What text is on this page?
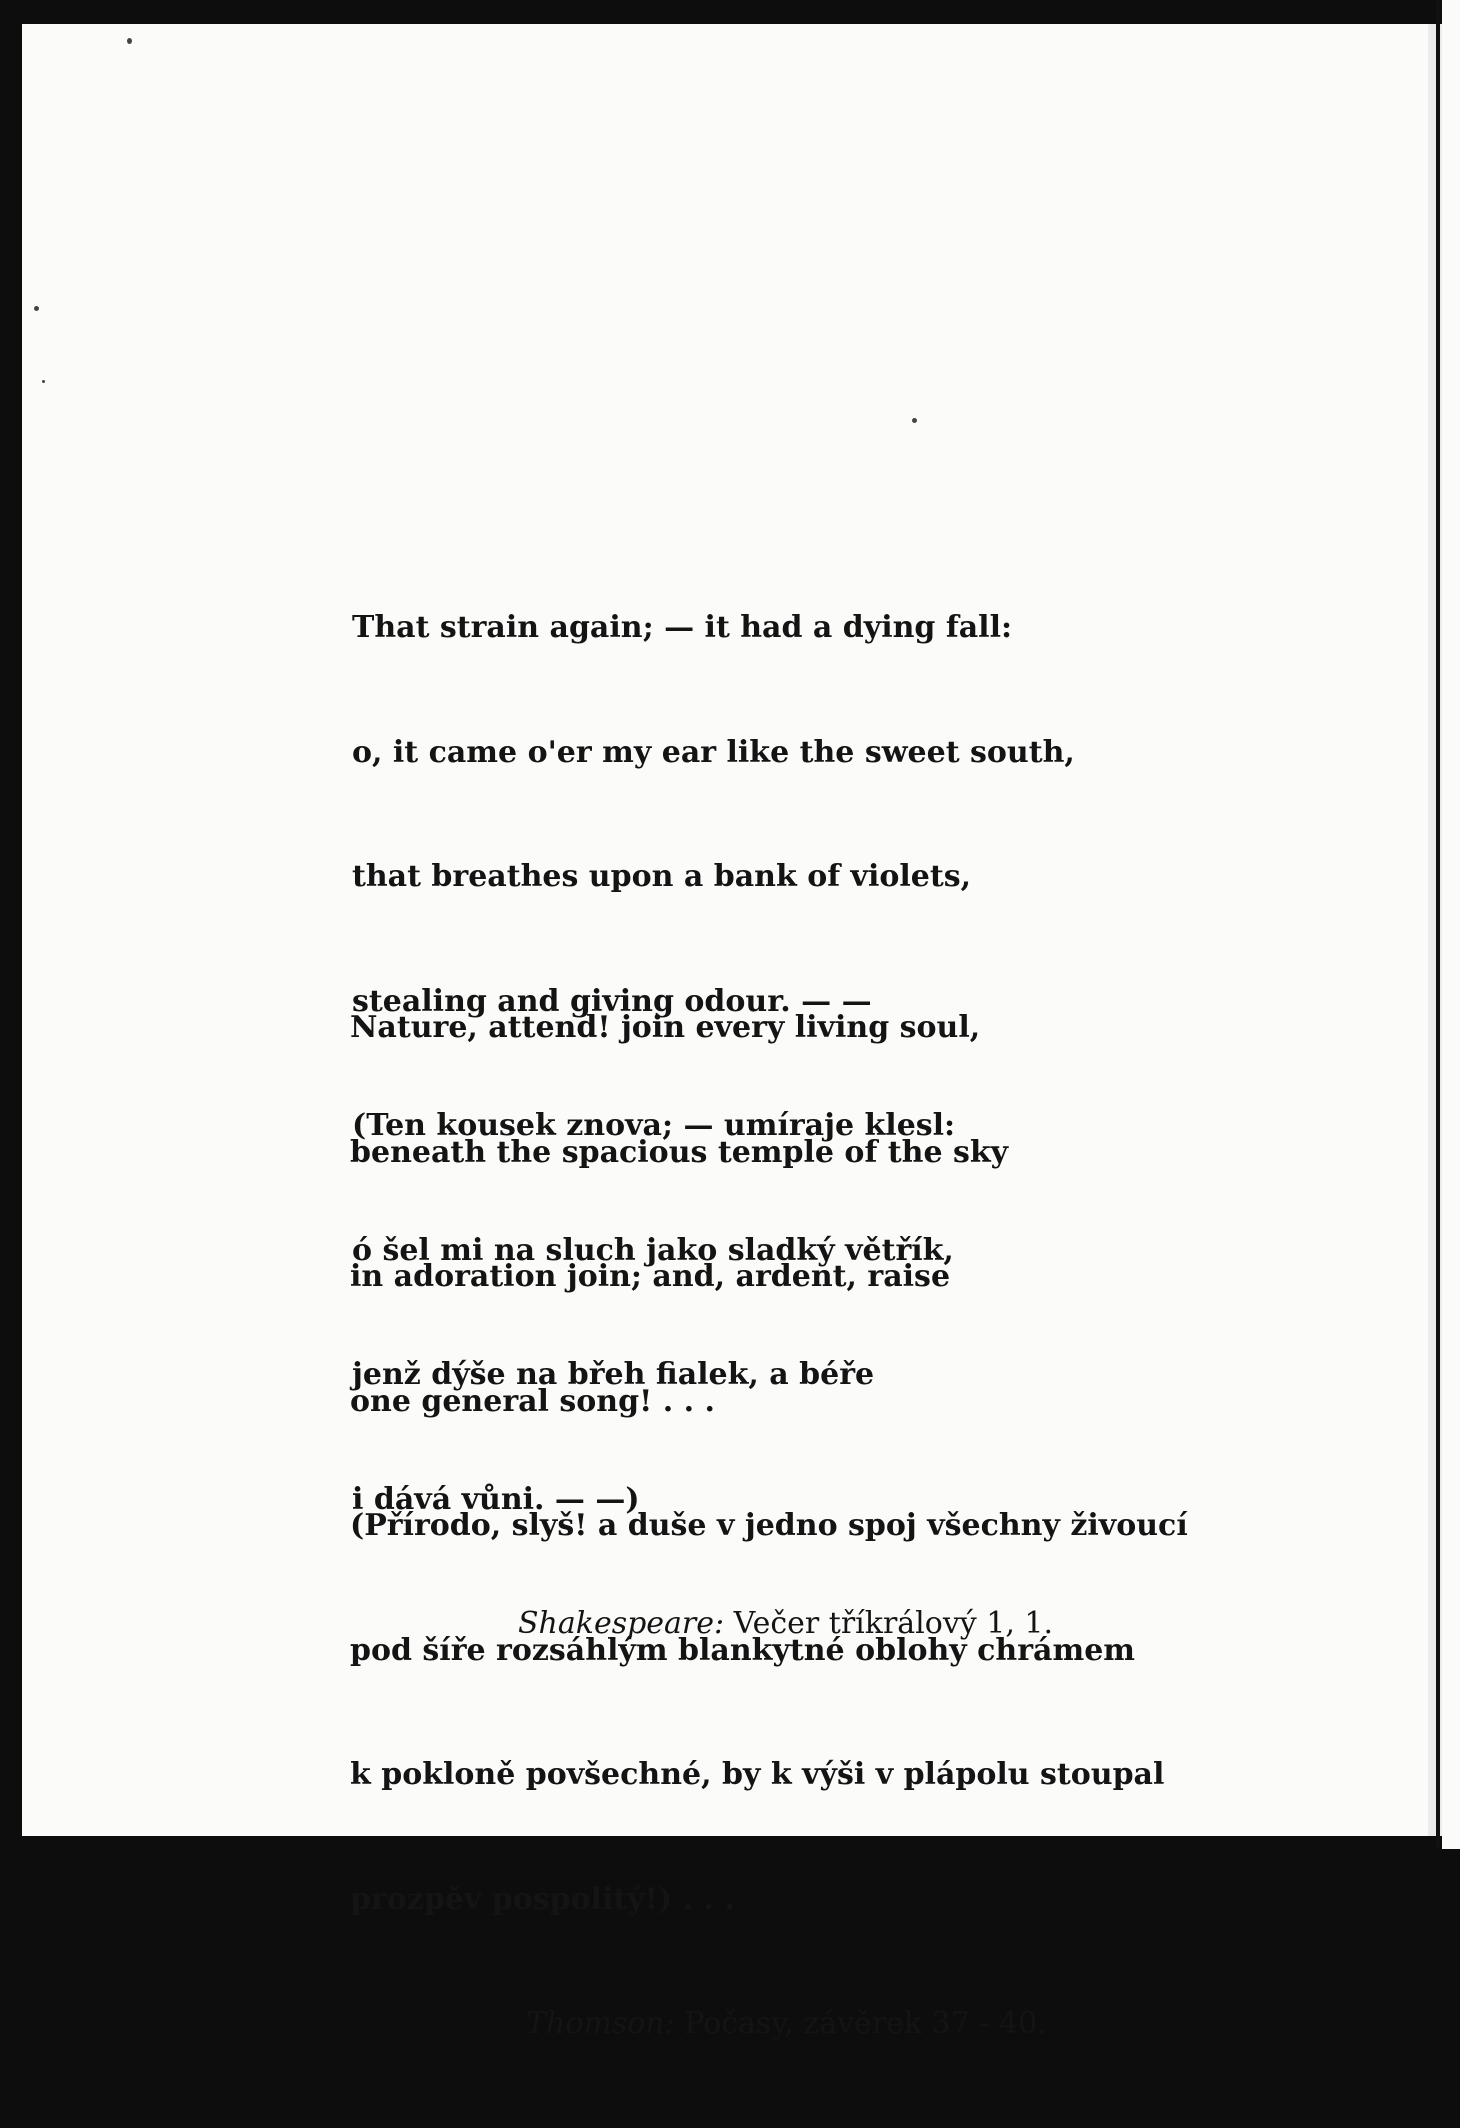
That strain again; — it had a dying fall:

o, it came o'er my ear like the sweet south,

that breathes upon a bank of violets,

stealing and giving odour. — —

(Ten kousek znova; — umíraje klesl:

ó šel mi na sluch jako sladký větřík,

jenž dýše na břeh fialek, a béře

i dává vůni. — —)

Shakespeare: Večer tříkrálový 1, 1.

Nature, attend! join every living soul,

beneath the spacious temple of the sky

in adoration join; and, ardent, raise

one general song! . . .

(Přírodo, slyš! a duše v jedno spoj všechny živoucí

pod šíře rozsáhlým blankytné oblohy chrámem

k pokloně povšechné, by k výši v plápolu stoupal

prozpěv pospolitý!) . . .

Thomson: Počasy, závěrek 37 - 40.
